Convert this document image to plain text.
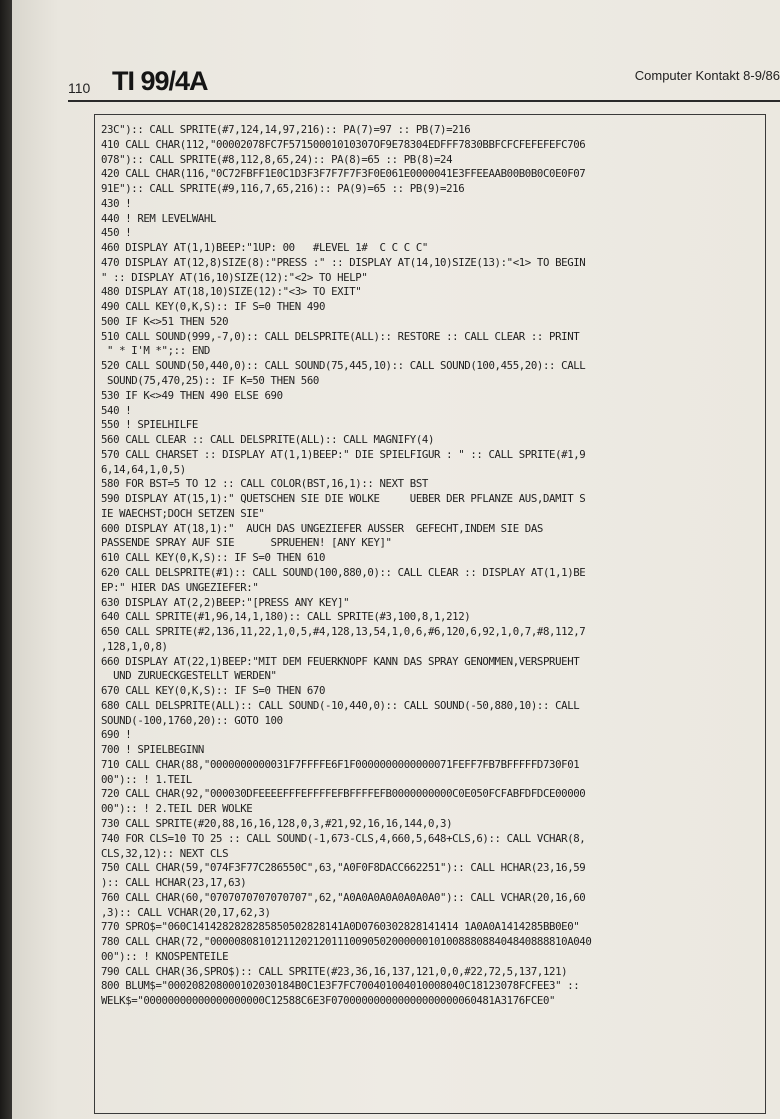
110 TI 99/4A	Computer Kontakt 8-9/86
23C"):: CALL SPRITE(#7,124,14,97,216):: PA(7)=97 :: PB(7)=216
410 CALL CHAR(112,"00002078FC7F57150001010307OF9E78304EDFFF7830BBFCFCFEFEFEFC706
078"):: CALL SPRITE(#8,112,8,65,24):: PA(8)=65 :: PB(8)=24
420 CALL CHAR(116,"0C72FBFF1E0C1D3F3F7F7F7F3F0E061E0000041E3FFEEAAB00B0B0C0E0F07
91E"):: CALL SPRITE(#9,116,7,65,216):: PA(9)=65 :: PB(9)=216
430 !
440 ! REM LEVELWAHL
450 !
460 DISPLAY AT(1,1)BEEP:"1UP: 00   #LEVEL 1#  C C C C"
470 DISPLAY AT(12,8)SIZE(8):"PRESS :" :: DISPLAY AT(14,10)SIZE(13):"<1> TO BEGIN
" :: DISPLAY AT(16,10)SIZE(12):"<2> TO HELP"
480 DISPLAY AT(18,10)SIZE(12):"<3> TO EXIT"
490 CALL KEY(0,K,S):: IF S=0 THEN 490
500 IF K<>51 THEN 520
510 CALL SOUND(999,-7,0):: CALL DELSPRITE(ALL):: RESTORE :: CALL CLEAR :: PRINT
" * I'M *";:: END
520 CALL SOUND(50,440,0):: CALL SOUND(75,445,10):: CALL SOUND(100,455,20):: CALL
SOUND(75,470,25):: IF K=50 THEN 560
530 IF K<>49 THEN 490 ELSE 690
540 !
550 ! SPIELHILFE
560 CALL CLEAR :: CALL DELSPRITE(ALL):: CALL MAGNIFY(4)
570 CALL CHARSET :: DISPLAY AT(1,1)BEEP:" DIE SPIELFIGUR : " :: CALL SPRITE(#1,9
6,14,64,1,0,5)
580 FOR BST=5 TO 12 :: CALL COLOR(BST,16,1):: NEXT BST
590 DISPLAY AT(15,1):" QUETSCHEN SIE DIE WOLKE     UEBER DER PFLANZE AUS,DAMIT S
IE WAECHST;DOCH SETZEN SIE"
600 DISPLAY AT(18,1):"  AUCH DAS UNGEZIEFER AUSSER  GEFECHT,INDEM SIE DAS
PASSENDE SPRAY AUF SIE      SPRUEHEN! [ANY KEY]"
610 CALL KEY(0,K,S):: IF S=0 THEN 610
620 CALL DELSPRITE(#1):: CALL SOUND(100,880,0):: CALL CLEAR :: DISPLAY AT(1,1)BE
EP:" HIER DAS UNGEZIEFER:"
630 DISPLAY AT(2,2)BEEP:"[PRESS ANY KEY]"
640 CALL SPRITE(#1,96,14,1,180):: CALL SPRITE(#3,100,8,1,212)
650 CALL SPRITE(#2,136,11,22,1,0,5,#4,128,13,54,1,0,6,#6,120,6,92,1,0,7,#8,112,7
,128,1,0,8)
660 DISPLAY AT(22,1)BEEP:"MIT DEM FEUERKNOPF KANN DAS SPRAY GENOMMEN,VERSPRUEHT
UND ZURUECKGESTELLT WERDEN"
670 CALL KEY(0,K,S):: IF S=0 THEN 670
680 CALL DELSPRITE(ALL):: CALL SOUND(-10,440,0):: CALL SOUND(-50,880,10):: CALL
SOUND(-100,1760,20):: GOTO 100
690 !
700 ! SPIELBEGINN
710 CALL CHAR(88,"0000000000031F7FFFFE6F1F0000000000000071FEFF7FB7BFFFFFD730F01
00"):: ! 1.TEIL
720 CALL CHAR(92,"000030DFEEEEFFFEFFFFEFBFFFFEFB0000000000C0E050FCFABFDFDCE00000
00"):: ! 2.TEIL DER WOLKE
730 CALL SPRITE(#20,88,16,16,128,0,3,#21,92,16,16,144,0,3)
740 FOR CLS=10 TO 25 :: CALL SOUND(-1,673-CLS,4,660,5,648+CLS,6):: CALL VCHAR(8,
CLS,32,12):: NEXT CLS
750 CALL CHAR(59,"074F3F77C286550C",63,"A0F0F8DACC662251"):: CALL HCHAR(23,16,59
):: CALL HCHAR(23,17,63)
760 CALL CHAR(60,"0707070707070707",62,"A0A0A0A0A0A0A0A0"):: CALL VCHAR(20,16,60
,3):: CALL VCHAR(20,17,62,3)
770 SPRO$="060C1414282828285850502828141A0D0760302828141414 1A0A0A1414285BB0E0"
780 CALL CHAR(72,"00000808101211202120111009050200000010100888088404840888810A040
00"):: ! KNOSPENTEILE
790 CALL CHAR(36,SPRO$):: CALL SPRITE(#23,36,16,137,121,0,0,#22,72,5,137,121)
800 BLUM$="000208208000102030184B0C1E3F7FC700401004010008040C18123078FCFEE3" ::
WELK$="00000000000000000000C12588C6E3F070000000000000000000060481A3176FCE0"
